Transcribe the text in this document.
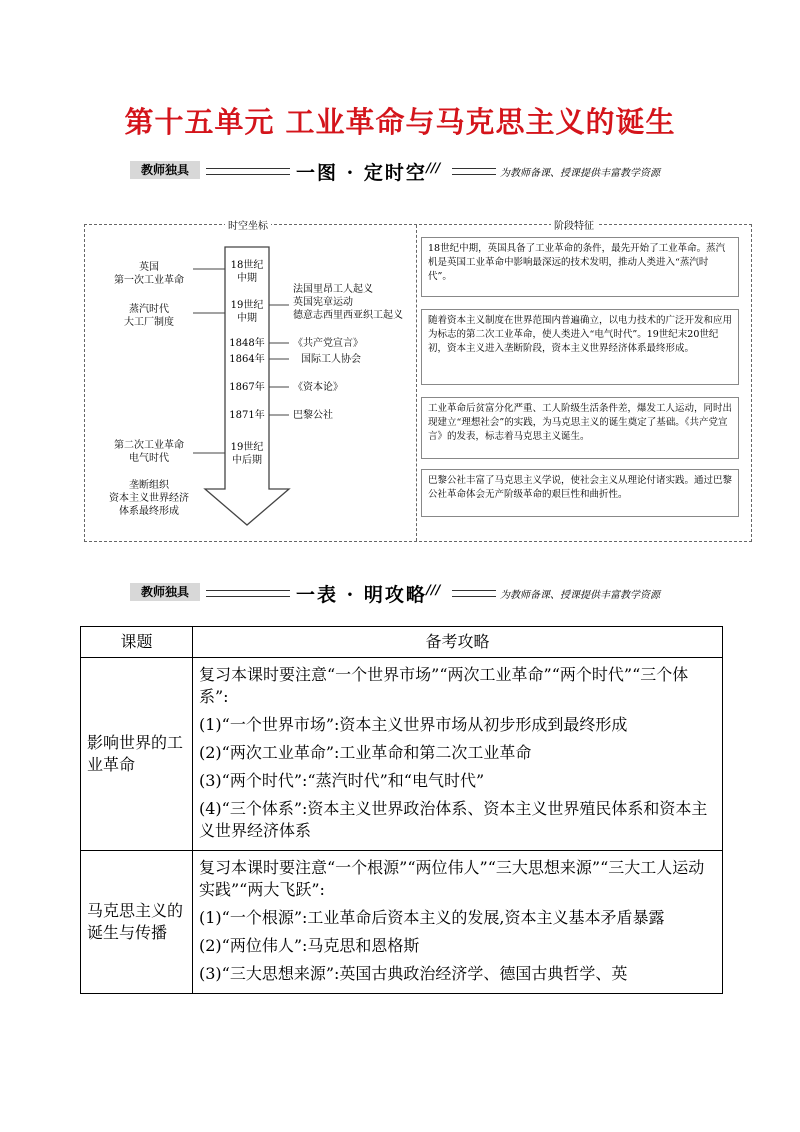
第十五单元 工业革命与马克思主义的诞生
教师独具	一图 · 定时空 ///	为教师备课、授课提供丰富教学资源
时空坐标	阶段特征
18世纪
中期
19世纪
中期
1848年
1864年
1867年
1871年
19世纪
中后期
英国
第一次工业革命
蒸汽时代
大工厂制度
第二次工业革命
电气时代
垄断组织
资本主义世界经济
体系最终形成
法国里昂工人起义
英国宪章运动
德意志西里西亚织工起义
《共产党宣言》
国际工人协会
《资本论》
巴黎公社
18世纪中期，英国具备了工业革命的条件，最先开始了工业革命。蒸汽机是英国工业革命中影响最深远的技术发明，推动人类进入“蒸汽时代”。
随着资本主义制度在世界范围内普遍确立，以电力技术的广泛开发和应用为标志的第二次工业革命，使人类进入“电气时代”。19世纪末20世纪初，资本主义进入垄断阶段，资本主义世界经济体系最终形成。
工业革命后贫富分化严重、工人阶级生活条件差，爆发工人运动，同时出现建立“理想社会”的实践，为马克思主义的诞生奠定了基础。《共产党宣言》的发表，标志着马克思主义诞生。
巴黎公社丰富了马克思主义学说，使社会主义从理论付诸实践。通过巴黎公社革命体会无产阶级革命的艰巨性和曲折性。
教师独具	一表 · 明攻略 ///	为教师备课、授课提供丰富教学资源
课题	备考攻略
影响世界的工业革命	复习本课时要注意“一个世界市场”“两次工业革命”“两个时代”“三个体系”:
(1)“一个世界市场”:资本主义世界市场从初步形成到最终形成
(2)“两次工业革命”:工业革命和第二次工业革命
(3)“两个时代”:“蒸汽时代”和“电气时代”
(4)“三个体系”:资本主义世界政治体系、资本主义世界殖民体系和资本主义世界经济体系

马克思主义的诞生与传播	复习本课时要注意“一个根源”“两位伟人”“三大思想来源”“三大工人运动实践”“两大飞跃”:
(1)“一个根源”:工业革命后资本主义的发展,资本主义基本矛盾暴露
(2)“两位伟人”:马克思和恩格斯
(3)“三大思想来源”:英国古典政治经济学、德国古典哲学、英
